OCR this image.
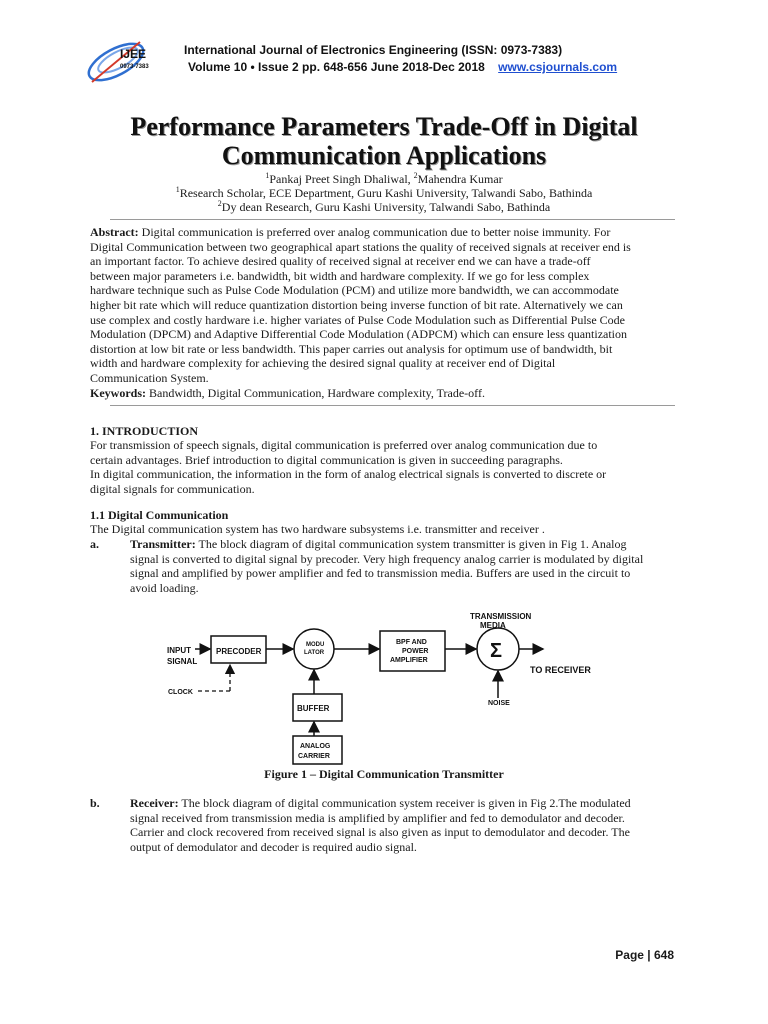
IJEE
0973-7383
International Journal of Electronics Engineering (ISSN: 0973-7383)
Volume 10 • Issue 2 pp. 648-656 June 2018-Dec 2018 www.csjournals.com
Performance Parameters Trade-Off in Digital
Communication Applications
$^1$Pankaj Preet Singh Dhaliwal, $^2$Mahendra Kumar
$^1$Research Scholar, ECE Department, Guru Kashi University, Talwandi Sabo, Bathinda
$^2$Dy dean Research, Guru Kashi University, Talwandi Sabo, Bathinda
Abstract: Digital communication is preferred over analog communication due to better noise immunity. For
Digital Communication between two geographical apart stations the quality of received signals at receiver end is
an important factor. To achieve desired quality of received signal at receiver end we can have a trade-off
between major parameters i.e. bandwidth, bit width and hardware complexity. If we go for less complex
hardware technique such as Pulse Code Modulation (PCM) and utilize more bandwidth, we can accommodate
higher bit rate which will reduce quantization distortion being inverse function of bit rate. Alternatively we can
use complex and costly hardware i.e. higher variates of Pulse Code Modulation such as Differential Pulse Code
Modulation (DPCM) and Adaptive Differential Code Modulation (ADPCM) which can ensure less quantization
distortion at low bit rate or less bandwidth. This paper carries out analysis for optimum use of bandwidth, bit
width and hardware complexity for achieving the desired signal quality at receiver end of Digital
Communication System.
Keywords: Bandwidth, Digital Communication, Hardware complexity, Trade-off.
1. INTRODUCTION
For transmission of speech signals, digital communication is preferred over analog communication due to
certain advantages. Brief introduction to digital communication is given in succeeding paragraphs.
In digital communication, the information in the form of analog electrical signals is converted to discrete or
digital signals for communication.
1.1 Digital Communication
The Digital communication system has two hardware subsystems i.e. transmitter and receiver .
a.	Transmitter: The block diagram of digital communication system transmitter is given in Fig 1. Analog
signal is converted to digital signal by precoder. Very high frequency analog carrier is modulated by digital
signal and amplified by power amplifier and fed to transmission media. Buffers are used in the circuit to
avoid loading.
INPUT
SIGNAL
PRECODER
CLOCK
MODU
LATOR
BPF AND
POWER
AMPLIFIER	Σ
TRANSMISSION
MEDIA
TO RECEIVER
NOISE
BUFFER
ANALOG
CARRIER
Figure 1 – Digital Communication Transmitter
b.	Receiver: The block diagram of digital communication system receiver is given in Fig 2.The modulated
signal received from transmission media is amplified by amplifier and fed to demodulator and decoder.
Carrier and clock recovered from received signal is also given as input to demodulator and decoder. The
output of demodulator and decoder is required audio signal.
Page | 648
